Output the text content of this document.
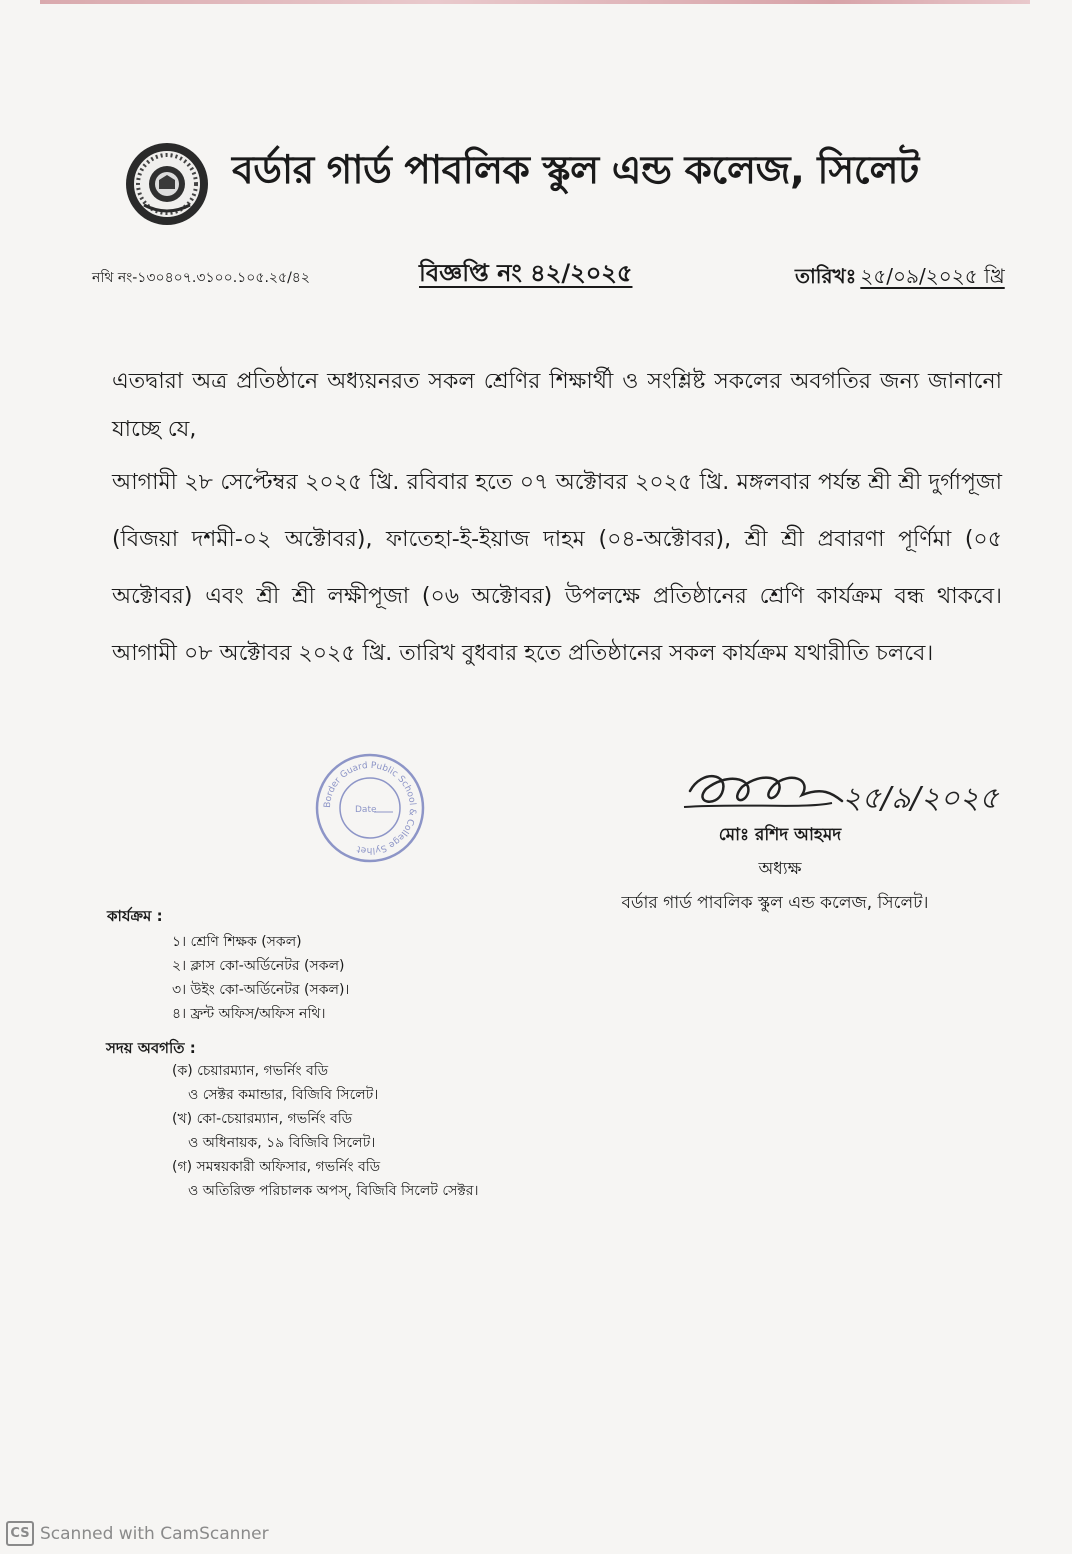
বর্ডার গার্ড পাবলিক স্কুল এন্ড কলেজ, সিলেট
নথি নং-১৩০৪০৭.৩১০০.১০৫.২৫/৪২	বিজ্ঞপ্তি নং ৪২/২০২৫	তারিখঃ ২৫/০৯/২০২৫ খ্রি

এতদ্বারা অত্র প্রতিষ্ঠানে অধ্যয়নরত সকল শ্রেণির শিক্ষার্থী ও সংশ্লিষ্ট সকলের অবগতির জন্য জানানো যাচ্ছে যে,

আগামী ২৮ সেপ্টেম্বর ২০২৫ খ্রি. রবিবার হতে ০৭ অক্টোবর ২০২৫ খ্রি. মঙ্গলবার পর্যন্ত শ্রী শ্রী দুর্গাপূজা (বিজয়া দশমী-০২ অক্টোবর), ফাতেহা-ই-ইয়াজ দাহম (০৪-অক্টোবর), শ্রী শ্রী প্রবারণা পূর্ণিমা (০৫ অক্টোবর) এবং শ্রী শ্রী লক্ষীপূজা (০৬ অক্টোবর) উপলক্ষে প্রতিষ্ঠানের শ্রেণি কার্যক্রম বন্ধ থাকবে। আগামী ০৮ অক্টোবর ২০২৫ খ্রি. তারিখ বুধবার হতে প্রতিষ্ঠানের সকল কার্যক্রম যথারীতি চলবে।

Border Guard Public School & College Sylhet
Date	২৫/৯/২০২৫
মোঃ রশিদ আহমদ
অধ্যক্ষ
বর্ডার গার্ড পাবলিক স্কুল এন্ড কলেজ, সিলেট।
কার্যক্রম :
১। শ্রেণি শিক্ষক (সকল)
২। ক্লাস কো-অর্ডিনেটর (সকল)
৩। উইং কো-অর্ডিনেটর (সকল)।
৪। ফ্রন্ট অফিস/অফিস নথি।
সদয় অবগতি :
(ক) চেয়ারম্যান, গভর্নিং বডি
ও সেক্টর কমান্ডার, বিজিবি সিলেট।
(খ) কো-চেয়ারম্যান, গভর্নিং বডি
ও অধিনায়ক, ১৯ বিজিবি সিলেট।
(গ) সমন্বয়কারী অফিসার, গভর্নিং বডি
ও অতিরিক্ত পরিচালক অপস্, বিজিবি সিলেট সেক্টর।
CS Scanned with CamScanner
